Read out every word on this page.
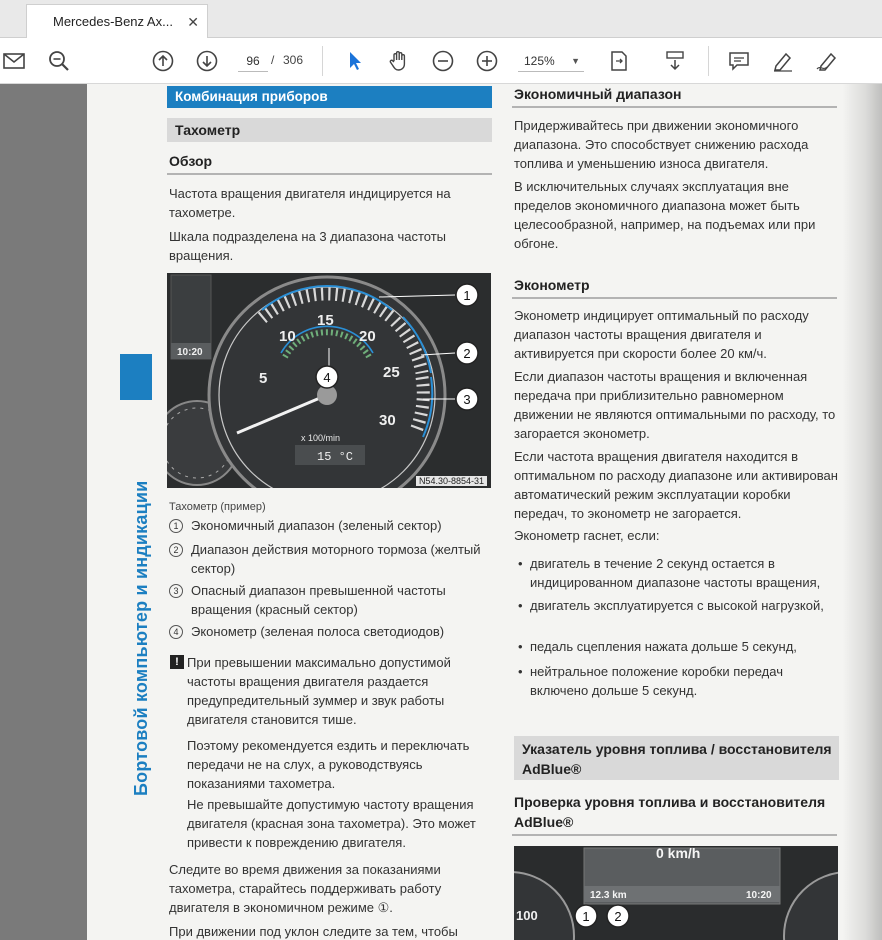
Mercedes-Benz Ax... ✕
96 / 306	125% ▼
Бортовой компьютер и индикации
Комбинация приборов
Тахометр
Обзор
Частота вращения двигателя индицируется на тахометре.
Шкала подразделена на 3 диапазона частоты вращения.
10:20
5
10
15
20
25
30
x 100/min
15 °C
1
2
3
4
N54.30-8854-31
Тахометр (пример)
1 Экономичный диапазон (зеленый сектор)
2 Диапазон действия моторного тормоза (желтый сектор)
3 Опасный диапазон превышенной частоты вращения (красный сектор)
4 Эконометр (зеленая полоса светодиодов)
! При превышении максимально допустимой частоты вращения двигателя раздается предупредительный зуммер и звук работы двигателя становится тише.
Поэтому рекомендуется ездить и переключать передачи не на слух, а руководствуясь показаниями тахометра.
Не превышайте допустимую частоту вращения двигателя (красная зона тахометра). Это может привести к повреждению двигателя.
Следите во время движения за показаниями тахометра, старайтесь поддерживать работу двигателя в экономичном режиме ①.
При движении под уклон следите за тем, чтобы
Экономичный диапазон
Придерживайтесь при движении экономичного диапазона. Это способствует снижению расхода топлива и уменьшению износа двигателя.
В исключительных случаях эксплуатация вне пределов экономичного диапазона может быть целесообразной, например, на подъемах или при обгоне.
Эконометр
Эконометр индицирует оптимальный по расходу диапазон частоты вращения двигателя и активируется при скорости более 20 км/ч.
Если диапазон частоты вращения и включенная передача при приблизительно равномерном движении не являются оптимальными по расходу, то загорается эконометр.
Если частота вращения двигателя находится в оптимальном по расходу диапазоне или активирован автоматический режим эксплуатации коробки передач, то эконометр не загорается.
Эконометр гаснет, если:
• двигатель в течение 2 секунд остается в индицированном диапазоне частоты вращения,
• двигатель эксплуатируется с высокой нагрузкой,
• педаль сцепления нажата дольше 5 секунд,
• нейтральное положение коробки передач включено дольше 5 секунд.
Указатель уровня топлива / восстановителя AdBlue®
Проверка уровня топлива и восстановителя AdBlue®
0 km/h
12.3 km	10:20
100	1 2
